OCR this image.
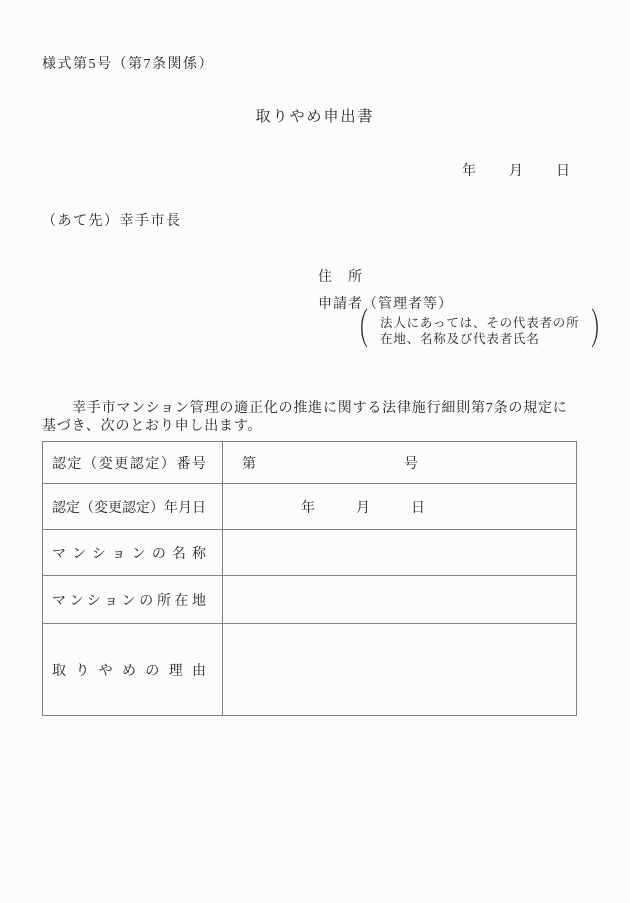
様式第5号（第7条関係）
取りやめ申出書
年 月 日
（あて先）幸手市長
住　所
申請者（管理者等）
（ 法人にあっては、その代表者の所
在地、名称及び代表者氏名	）
幸手市マンション管理の適正化の推進に関する法律施行細則第7条の規定に
基づき、次のとおり申し出ます。
認定（変更認定）番号	第	号
認定（変更認定）年月日	年	月	日
マンションの名称
マンションの所在地
取りやめの理由
